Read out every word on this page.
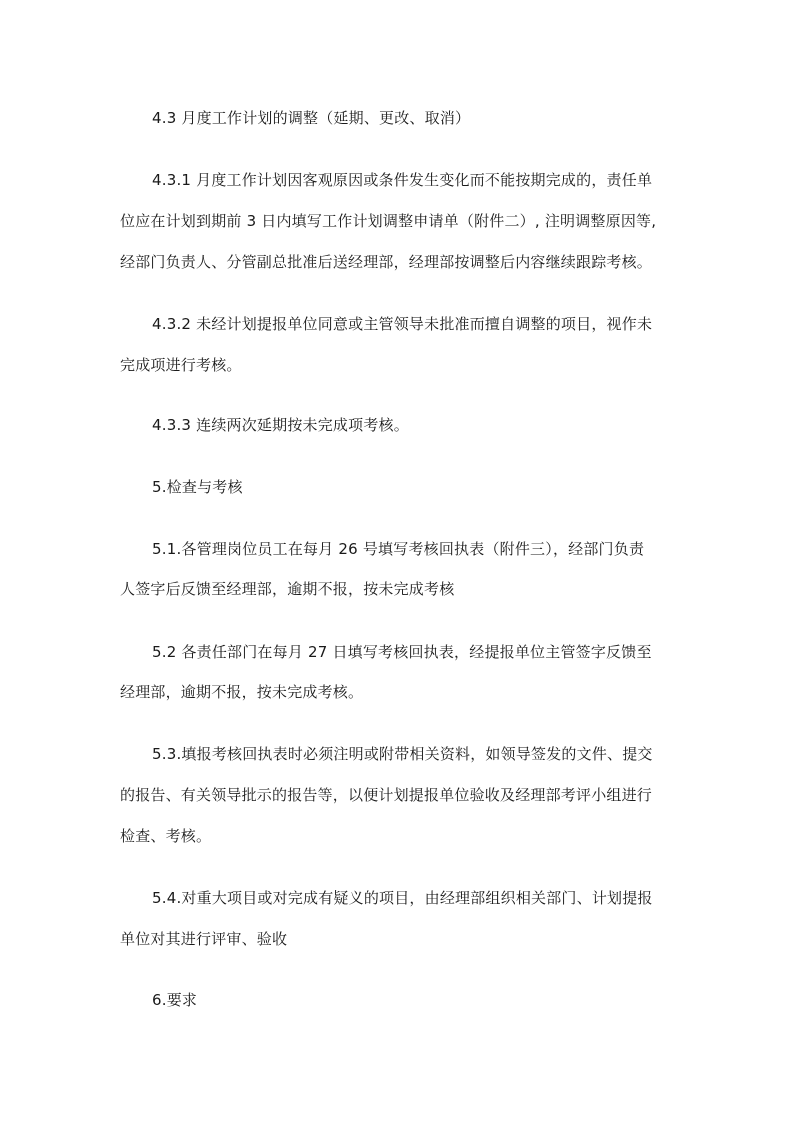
4.3 月度工作计划的调整（延期、更改、取消）
4.3.1 月度工作计划因客观原因或条件发生变化而不能按期完成的，责任单
位应在计划到期前 3 日内填写工作计划调整申请单（附件二）, 注明调整原因等,
经部门负责人、分管副总批准后送经理部，经理部按调整后内容继续跟踪考核。
4.3.2 未经计划提报单位同意或主管领导未批准而擅自调整的项目，视作未
完成项进行考核。
4.3.3 连续两次延期按未完成项考核。
5.检查与考核
5.1.各管理岗位员工在每月 26 号填写考核回执表（附件三），经部门负责
人签字后反馈至经理部，逾期不报，按未完成考核
5.2 各责任部门在每月 27 日填写考核回执表，经提报单位主管签字反馈至
经理部，逾期不报，按未完成考核。
5.3.填报考核回执表时必须注明或附带相关资料，如领导签发的文件、提交
的报告、有关领导批示的报告等，以便计划提报单位验收及经理部考评小组进行
检查、考核。
5.4.对重大项目或对完成有疑义的项目，由经理部组织相关部门、计划提报
单位对其进行评审、验收
6.要求
